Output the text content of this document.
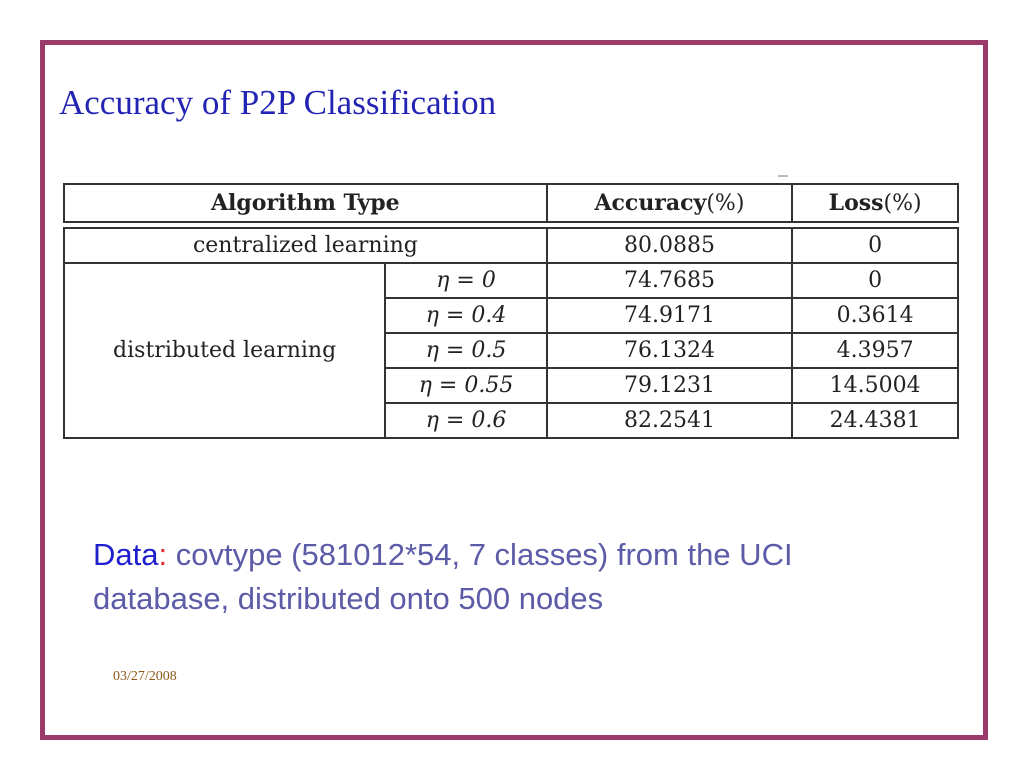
Accuracy of P2P Classification
Algorithm Type	Accuracy(%)	Loss(%)
centralized learning		80.0885	0
distributed learning	η = 0	74.7685	0
	η = 0.4	74.9171	0.3614
	η = 0.5	76.1324	4.3957
	η = 0.55	79.1231	14.5004
	η = 0.6	82.2541	24.4381
Data: covtype (581012*54, 7 classes) from the UCI database, distributed onto 500 nodes
03/27/2008
